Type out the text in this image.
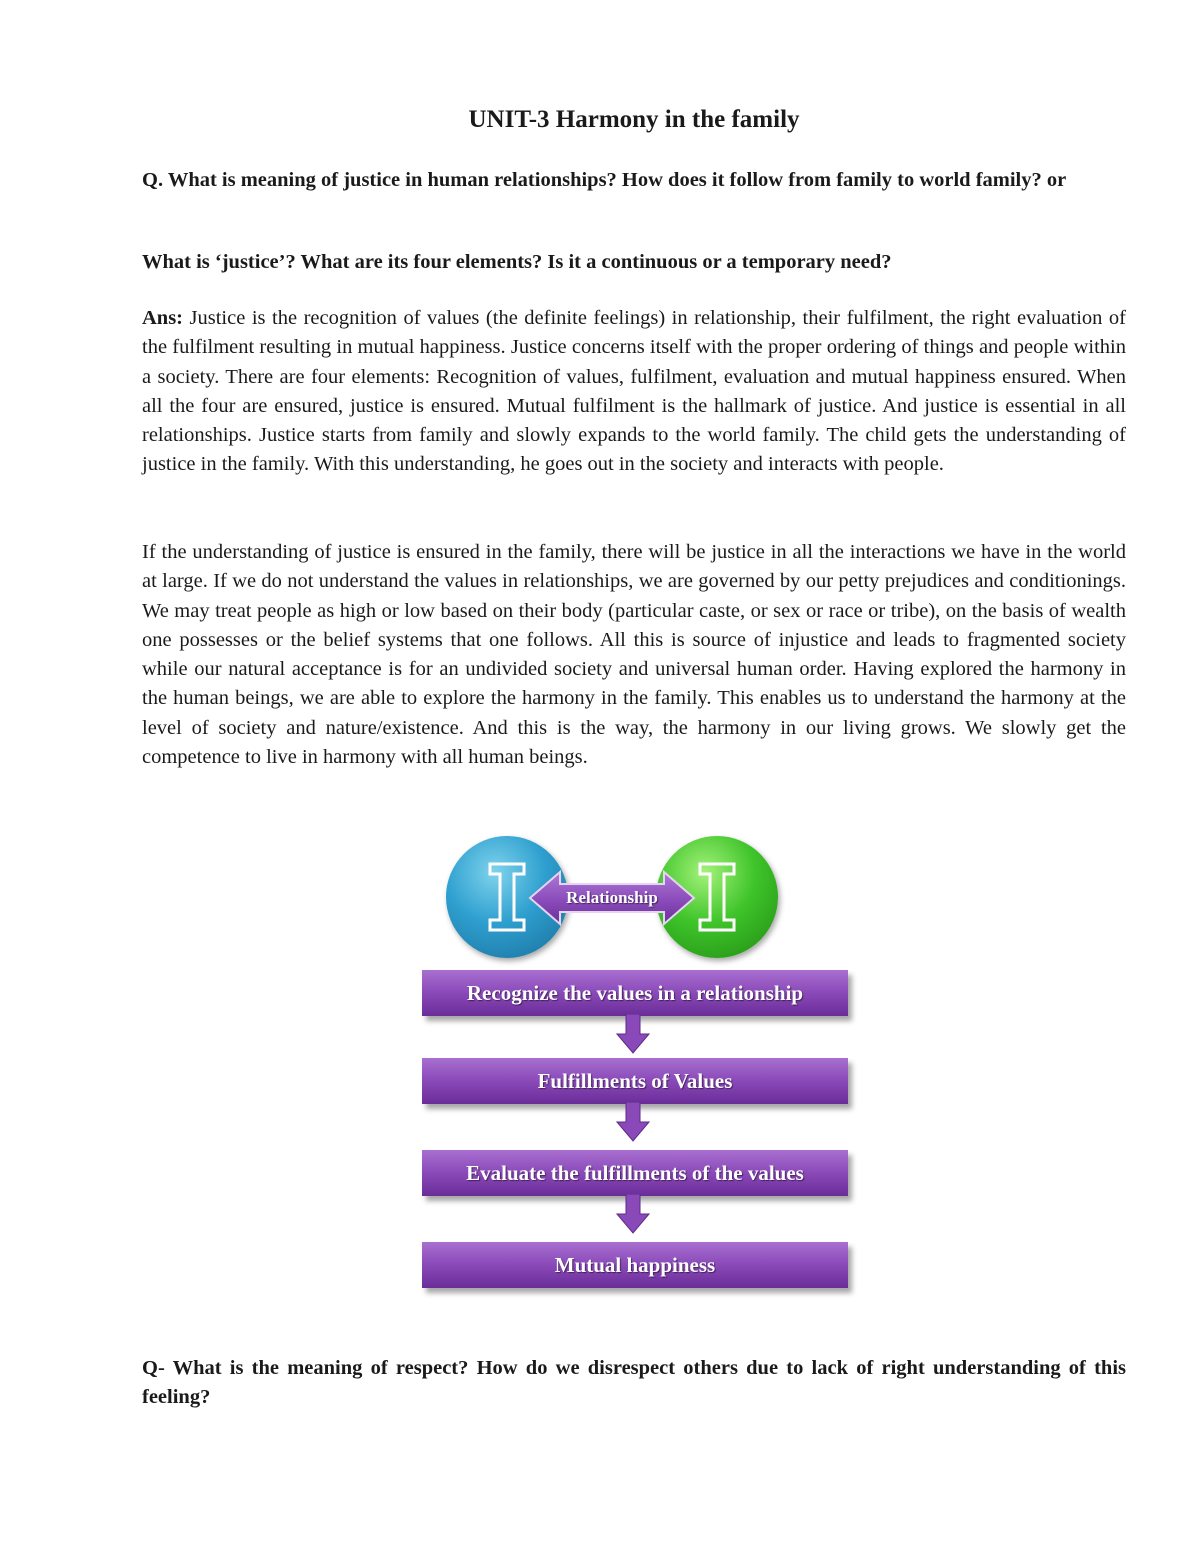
UNIT-3 Harmony in the family

Q. What is meaning of justice in human relationships? How does it follow from family to world family? or

What is ‘justice’? What are its four elements? Is it a continuous or a temporary need?

Ans: Justice is the recognition of values (the definite feelings) in relationship, their fulfilment, the right evaluation of the fulfilment resulting in mutual happiness. Justice concerns itself with the proper ordering of things and people within a society. There are four elements: Recognition of values, fulfilment, evaluation and mutual happiness ensured. When all the four are ensured, justice is ensured. Mutual fulfilment is the hallmark of justice. And justice is essential in all relationships. Justice starts from family and slowly expands to the world family. The child gets the understanding of justice in the family. With this understanding, he goes out in the society and interacts with people.

If the understanding of justice is ensured in the family, there will be justice in all the interactions we have in the world at large. If we do not understand the values in relationships, we are governed by our petty prejudices and conditionings. We may treat people as high or low based on their body (particular caste, or sex or race or tribe), on the basis of wealth one possesses or the belief systems that one follows. All this is source of injustice and leads to fragmented society while our natural acceptance is for an undivided society and universal human order. Having explored the harmony in the human beings, we are able to explore the harmony in the family. This enables us to understand the harmony at the level of society and nature/existence. And this is the way, the harmony in our living grows. We slowly get the competence to live in harmony with all human beings.

Q- What is the meaning of respect? How do we disrespect others due to lack of right understanding of this feeling?

Relationship
Recognize the values in a relationship
Fulfillments of Values
Evaluate the fulfillments of the values
Mutual happiness
